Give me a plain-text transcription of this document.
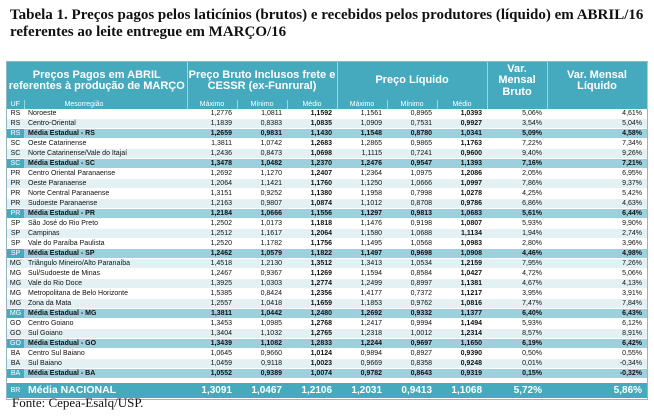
Tabela 1. Preços pagos pelos laticínios (brutos) e recebidos pelos produtores (líquido) em ABRIL/16 referentes ao leite entregue em MARÇO/16
Preços Pagos em ABRIL referentes à produção de MARÇO		Preço Bruto Inclusos frete e CESSR (ex-Funrural)			Preço Líquido			Var. Mensal Bruto	Var. Mensal Líquido
UF	Mesorregião	Máximo	Mínimo	Médio	Máximo	Mínimo	Médio		
RS	Noroeste	1,2776	1,0811	1,1592	1,1561	0,8965	1,0393	5,06%	4,61%
RS	Centro-Oriental	1,1839	0,8383	1,0835	1,0909	0,7531	0,9927	3,54%	5,04%
RS	Média Estadual - RS	1,2659	0,9831	1,1430	1,1548	0,8780	1,0341	5,09%	4,58%
SC	Oeste Catarinense	1,3811	1,0742	1,2683	1,2865	0,9865	1,1763	7,22%	7,34%
SC	Norte Catarinense/Vale do Itajaí	1,2436	0,8473	1,0698	1,1115	0,7241	0,9600	9,40%	9,26%
SC	Média Estadual - SC	1,3478	1,0482	1,2370	1,2476	0,9547	1,1393	7,16%	7,21%
PR	Centro Oriental Paranaense	1,2692	1,1270	1,2407	1,2364	1,0975	1,2086	2,05%	6,95%
PR	Oeste Paranaense	1,2064	1,1421	1,1760	1,1250	1,0666	1,0997	7,86%	9,37%
PR	Norte Central Paranaense	1,3151	0,9252	1,1380	1,1958	0,7998	1,0278	4,25%	5,42%
PR	Sudoeste Paranaense	1,2163	0,9807	1,0874	1,1012	0,8708	0,9786	6,86%	4,63%
PR	Média Estadual - PR	1,2184	1,0666	1,1556	1,1297	0,9813	1,0683	5,61%	6,44%
SP	São José do Rio Preto	1,2502	1,0173	1,1818	1,1476	0,9198	1,0807	5,93%	9,90%
SP	Campinas	1,2512	1,1617	1,2064	1,1580	1,0688	1,1134	1,94%	2,74%
SP	Vale do Paraíba Paulista	1,2520	1,1782	1,1756	1,1495	1,0568	1,0983	2,80%	3,96%
SP	Média Estadual - SP	1,2462	1,0579	1,1822	1,1497	0,9698	1,0908	4,46%	4,98%
MG	Triângulo Mineiro/Alto Paranaíba	1,4518	1,2130	1,3512	1,3413	1,0534	1,2159	7,95%	7,26%
MG	Sul/Sudoeste de Minas	1,2467	0,9367	1,1269	1,1594	0,8584	1,0427	4,72%	5,06%
MG	Vale do Rio Doce	1,3925	1,0303	1,2774	1,2499	0,8997	1,1381	4,67%	4,13%
MG	Metropolitana de Belo Horizonte	1,5385	0,8424	1,2356	1,4177	0,7372	1,1217	3,95%	3,91%
MG	Zona da Mata	1,2557	1,0418	1,1659	1,1853	0,9762	1,0816	7,47%	7,84%
MG	Média Estadual - MG	1,3811	1,0442	1,2480	1,2692	0,9332	1,1377	6,40%	6,43%
GO	Centro Goiano	1,3453	1,0985	1,2768	1,2417	0,9994	1,1494	5,93%	6,12%
GO	Sul Goiano	1,3404	1,1032	1,2765	1,2318	1,0012	1,2314	8,57%	8,91%
GO	Média Estadual - GO	1,3439	1,1082	1,2833	1,2244	0,9697	1,1650	6,19%	6,42%
BA	Centro Sul Baiano	1,0645	0,9660	1,0124	0,9894	0,8927	0,9390	0,50%	0,55%
BA	Sul Baiano	1,0459	0,9118	1,0023	0,9669	0,8358	0,9248	0,01%	-0,34%
BA	Média Estadual - BA	1,0552	0,9389	1,0074	0,9782	0,8643	0,9319	0,15%	-0,32%

BR	Média NACIONAL	1,3091	1,0467	1,2106	1,2031	0,9413	1,1068	5,72%	5,86%
Fonte: Cepea-Esalq/USP.
